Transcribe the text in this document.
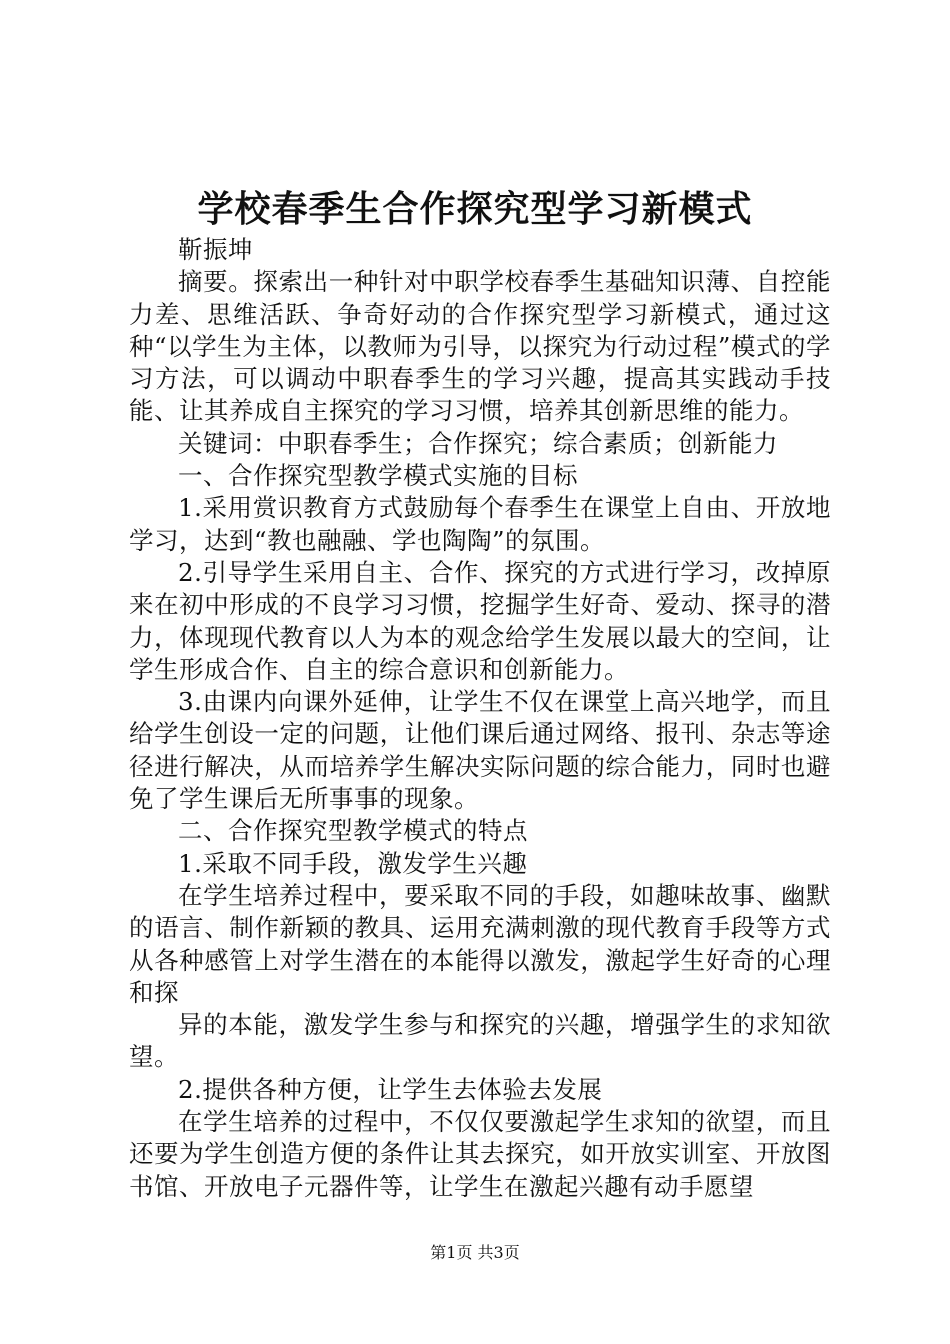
学校春季生合作探究型学习新模式

靳振坤

摘要。探索出一种针对中职学校春季生基础知识薄、自控能力差、思维活跃、争奇好动的合作探究型学习新模式，通过这种“以学生为主体，以教师为引导，以探究为行动过程”模式的学习方法，可以调动中职春季生的学习兴趣，提高其实践动手技能、让其养成自主探究的学习习惯，培养其创新思维的能力。

关键词：中职春季生；合作探究；综合素质；创新能力

一、合作探究型教学模式实施的目标

1.采用赏识教育方式鼓励每个春季生在课堂上自由、开放地学习，达到“教也融融、学也陶陶”的氛围。

2.引导学生采用自主、合作、探究的方式进行学习，改掉原来在初中形成的不良学习习惯，挖掘学生好奇、爱动、探寻的潜力，体现现代教育以人为本的观念给学生发展以最大的空间，让学生形成合作、自主的综合意识和创新能力。

3.由课内向课外延伸，让学生不仅在课堂上高兴地学，而且给学生创设一定的问题，让他们课后通过网络、报刊、杂志等途径进行解决，从而培养学生解决实际问题的综合能力，同时也避免了学生课后无所事事的现象。

二、合作探究型教学模式的特点

1.采取不同手段，激发学生兴趣

在学生培养过程中，要采取不同的手段，如趣味故事、幽默的语言、制作新颖的教具、运用充满刺激的现代教育手段等方式从各种感管上对学生潜在的本能得以激发，激起学生好奇的心理和探

异的本能，激发学生参与和探究的兴趣，增强学生的求知欲望。

2.提供各种方便，让学生去体验去发展

在学生培养的过程中，不仅仅要激起学生求知的欲望，而且还要为学生创造方便的条件让其去探究，如开放实训室、开放图书馆、开放电子元器件等，让学生在激起兴趣有动手愿望

第1页 共3页
